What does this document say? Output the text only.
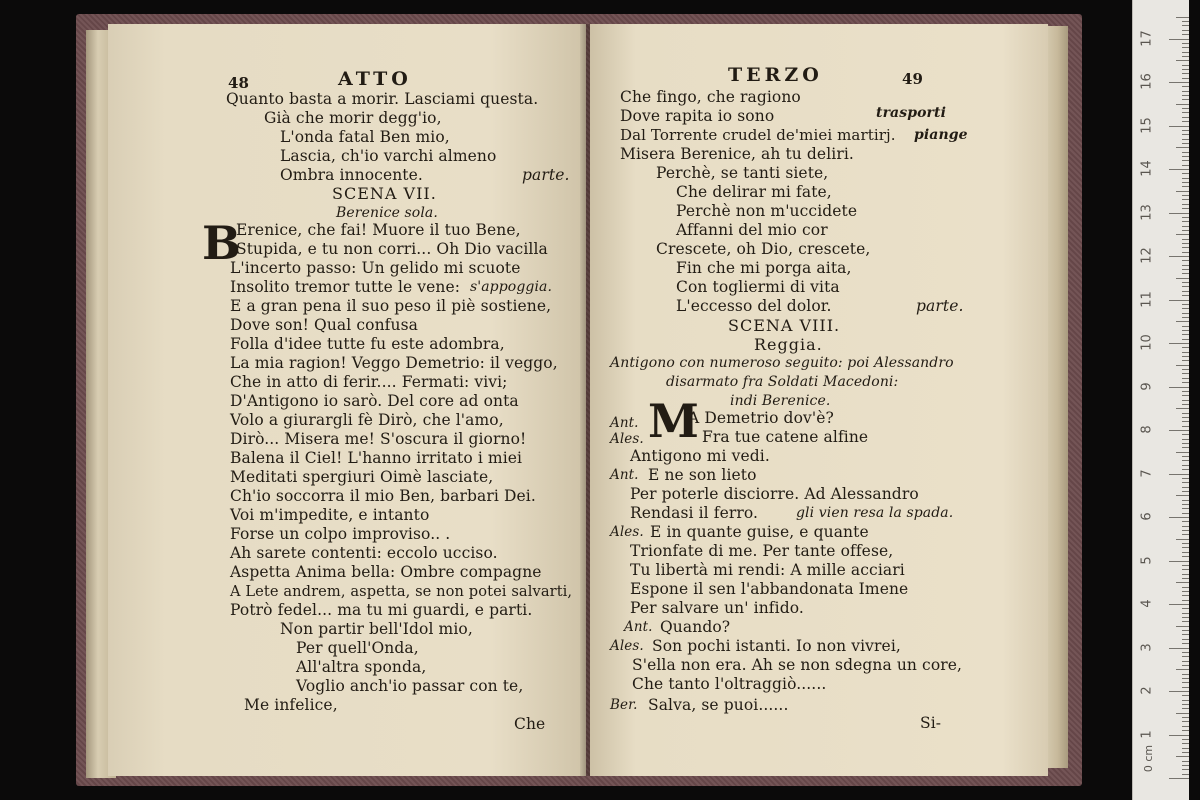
48	ATTO
Quanto basta a morir. Lasciami questa.
Già che morir degg'io,
L'onda fatal Ben mio,
Lascia, ch'io varchi almeno
Ombra innocente.	parte.
SCENA VII.
Berenice sola.
B
Erenice, che fai! Muore il tuo Bene,
Stupida, e tu non corri... Oh Dio vacilla
L'incerto passo: Un gelido mi scuote
Insolito tremor tutte le vene: s'appoggia.
E a gran pena il suo peso il piè sostiene,
Dove son! Qual confusa
Folla d'idee tutte fu este adombra,
La mia ragion! Veggo Demetrio: il veggo,
Che in atto di ferir.... Fermati: vivi;
D'Antigono io sarò. Del core ad onta
Volo a giurargli fè Dirò, che l'amo,
Dirò... Misera me! S'oscura il giorno!
Balena il Ciel! L'hanno irritato i miei
Meditati spergiuri Oimè lasciate,
Ch'io soccorra il mio Ben, barbari Dei.
Voi m'impedite, e intanto
Forse un colpo improviso.. .
Ah sarete contenti: eccolo ucciso.
Aspetta Anima bella: Ombre compagne
A Lete andrem, aspetta, se non potei salvarti,
Potrò fedel... ma tu mi guardi, e parti.
Non partir bell'Idol mio,
Per quell'Onda,
All'altra sponda,
Voglio anch'io passar con te,
Me infelice,
Che
TERZO	49
Che fingo, che ragiono
Dove rapita io sono	trasporti
Dal Torrente crudel de'miei martirj. piange
Misera Berenice, ah tu deliri.
Perchè, se tanti siete,
Che delirar mi fate,
Perchè non m'uccidete
Affanni del mio cor
Crescete, oh Dio, crescete,
Fin che mi porga aita,
Con togliermi di vita
L'eccesso del dolor.	parte.
SCENA VIII.
Reggia.
Antigono con numeroso seguito: poi Alessandro
disarmato fra Soldati Macedoni:
indi Berenice.
Ant. M
A Demetrio dov'è?
Ales.	Fra tue catene alfine
Antigono mi vedi.
Ant. E ne son lieto
Per poterle disciorre. Ad Alessandro
Rendasi il ferro.	gli vien resa la spada.
Ales. E in quante guise, e quante
Trionfate di me. Per tante offese,
Tu libertà mi rendi: A mille acciari
Espone il sen l'abbandonata Imene
Per salvare un' infido.
Ant. Quando?
Ales. Son pochi istanti. Io non vivrei,
S'ella non era. Ah se non sdegna un core,
Che tanto l'oltraggiò......
Ber. Salva, se puoi......
Si-
0 cm
1
2
3
4
5
6
7
8
9
10
11
12
13
14
15
16
17
